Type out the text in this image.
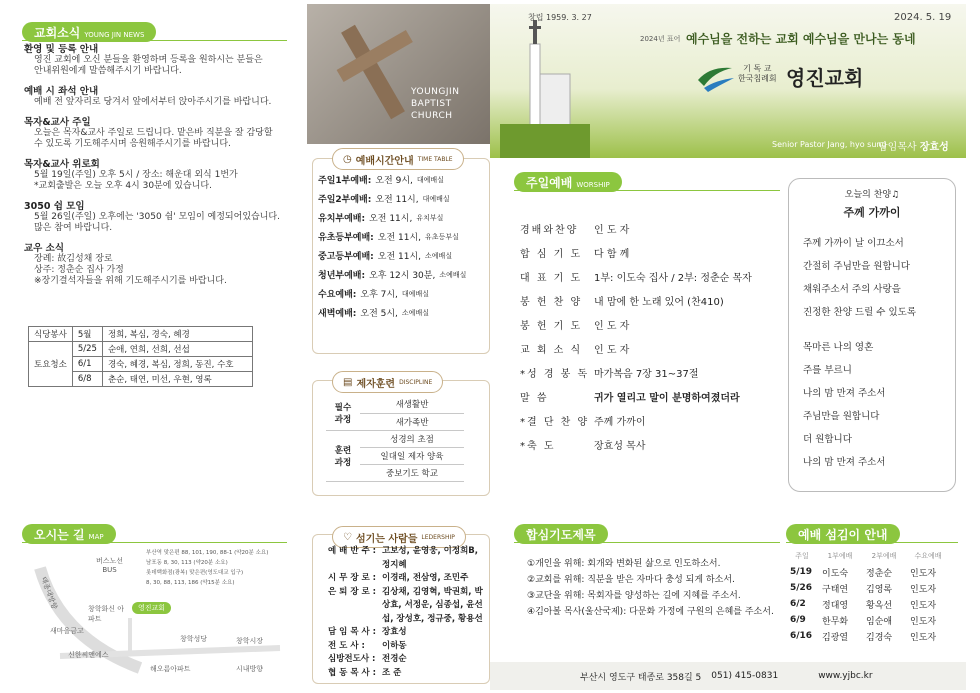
교회소식 YOUNG JIN NEWS
환영 및 등록 안내
영진 교회에 오신 분들을 환영하며 등록을 원하시는 분들은
안내위원에게 말씀해주시기 바랍니다.
예배 시 좌석 안내
예배 전 앞자리로 당겨서 앞에서부터 앉아주시기를 바랍니다.
목자&교사 주일
오늘은 목자&교사 주일로 드립니다. 맡은바 직분을 잘 감당할
수 있도록 기도해주시며 응원해주시기를 바랍니다.
목자&교사 위로회
5월 19일(주일) 오후 5시 / 장소: 해운대 외식 1번가
*교회출발은 오늘 오후 4시 30분에 있습니다.
3050 쉼 모임
5월 26일(주일) 오후에는 '3050 쉼' 모임이 예정되어있습니다.
많은 참여 바랍니다.
교우 소식
장례: 故김성채 장로
상주: 정춘순 집사 가정
※장기결석자들을 위해 기도해주시기를 바랍니다.
식당봉사	5월	정희, 복심, 경숙, 혜경
토요청소	5/25	순애, 연희, 선희, 선섭
	6/1	경숙, 혜경, 복심, 정희, 동진, 수호
	6/8	춘순, 태연, 미선, 우현, 영록
오시는 길 MAP
버스노선
BUS
부산역 맞은편 88, 101, 190, 88-1 (약20분 소요)
남포동 8, 30, 113 (약20분 소요)
롯데백화점(광복) 맞은편(영도대교 입구)
8, 30, 88, 113, 186 (약15분 소요)
창학화신 아파트
영진교회
새마을금고
창학성당	창학시장
신한씨앤에스
해오름아파트	시내방향
태종대방향
YOUNGJIN
BAPTIST
CHURCH
◷ 예배시간안내 TIME TABLE
주일1부예배: 오전 9시, 대예배실
주일2부예배: 오전 11시, 대예배실
유치부예배: 오전 11시, 유치부실
유초등부예배: 오전 11시, 유초등부실
중고등부예배: 오전 11시, 소예배실
청년부예배: 오후 12시 30분, 소예배실
수요예배: 오후 7시, 대예배실
새벽예배: 오전 5시, 소예배실
▤ 제자훈련 DISCIPLINE
필수 과정	새생활반
	새가족반
훈련 과정	성경의 초점
	일대일 제자 양육
	중보기도 학교
♡ 섬기는 사람들 LEDERSHIP
예 배 반 주 : 고보성, 윤영웅, 이정희B, 정지혜
시 무 장 로 : 이경래, 전삼영, 조민주
은 퇴 장 로 : 김상채, 김영혁, 박권회, 박상효, 서정운, 심종섭, 윤선섭, 장성호, 정규중, 황용선
담 임 목 사 : 장효성
전 도 사 :	이하동
심방전도사 : 전경순
협 동 목 사 : 조 준
창립 1959. 3. 27	2024. 5. 19
2024년 표어 예수님을 전하는 교회 예수님을 만나는 동네
기 독 교
한국침례회 영진교회
Senior Pastor Jang, hyo sung
담임목사 장효성
주일예배 WORSHIP
경배와찬양	인 도 자
합 심 기 도	다 함 께
대 표 기 도	1부: 이도숙 집사 / 2부: 정춘순 목자
봉 헌 찬 양	내 맘에 한 노래 있어 (찬410)
봉 헌 기 도	인 도 자
교 회 소 식	인 도 자
*성 경 봉 독 마가복음 7장 31~37절
말 씀	귀가 열리고 말이 분명하여졌더라
*결 단 찬 양 주께 가까이
*축 도	장효성 목사
오늘의 찬양♫
주께 가까이
주께 가까이 날 이끄소서
간절히 주님만을 원합니다
채워주소서 주의 사랑을
진정한 찬양 드릴 수 있도록
목마른 나의 영혼
주를 부르니
나의 맘 만져 주소서
주님만을 원합니다
더 원합니다
나의 맘 만져 주소서
합심기도제목
①개인을 위해: 회개와 변화된 삶으로 인도하소서.
②교회를 위해: 직분을 받은 자마다 충성 되게 하소서.
③교단을 위해: 목회자를 양성하는 길에 지혜를 주소서.
④김아볼 목사(울산국제): 다문화 가정에 구원의 은혜를 주소서.
예배 섬김이 안내
주일	1부예배	2부예배	수요예배
5/19	이도숙	정춘순	인도자
5/26	구태연	김영록	인도자
6/2	정대영	황옥선	인도자
6/9	한무화	임순애	인도자
6/16	김광열	김경숙	인도자
부산시 영도구 태종로 358길 5 051) 415-0831	www.yjbc.kr
